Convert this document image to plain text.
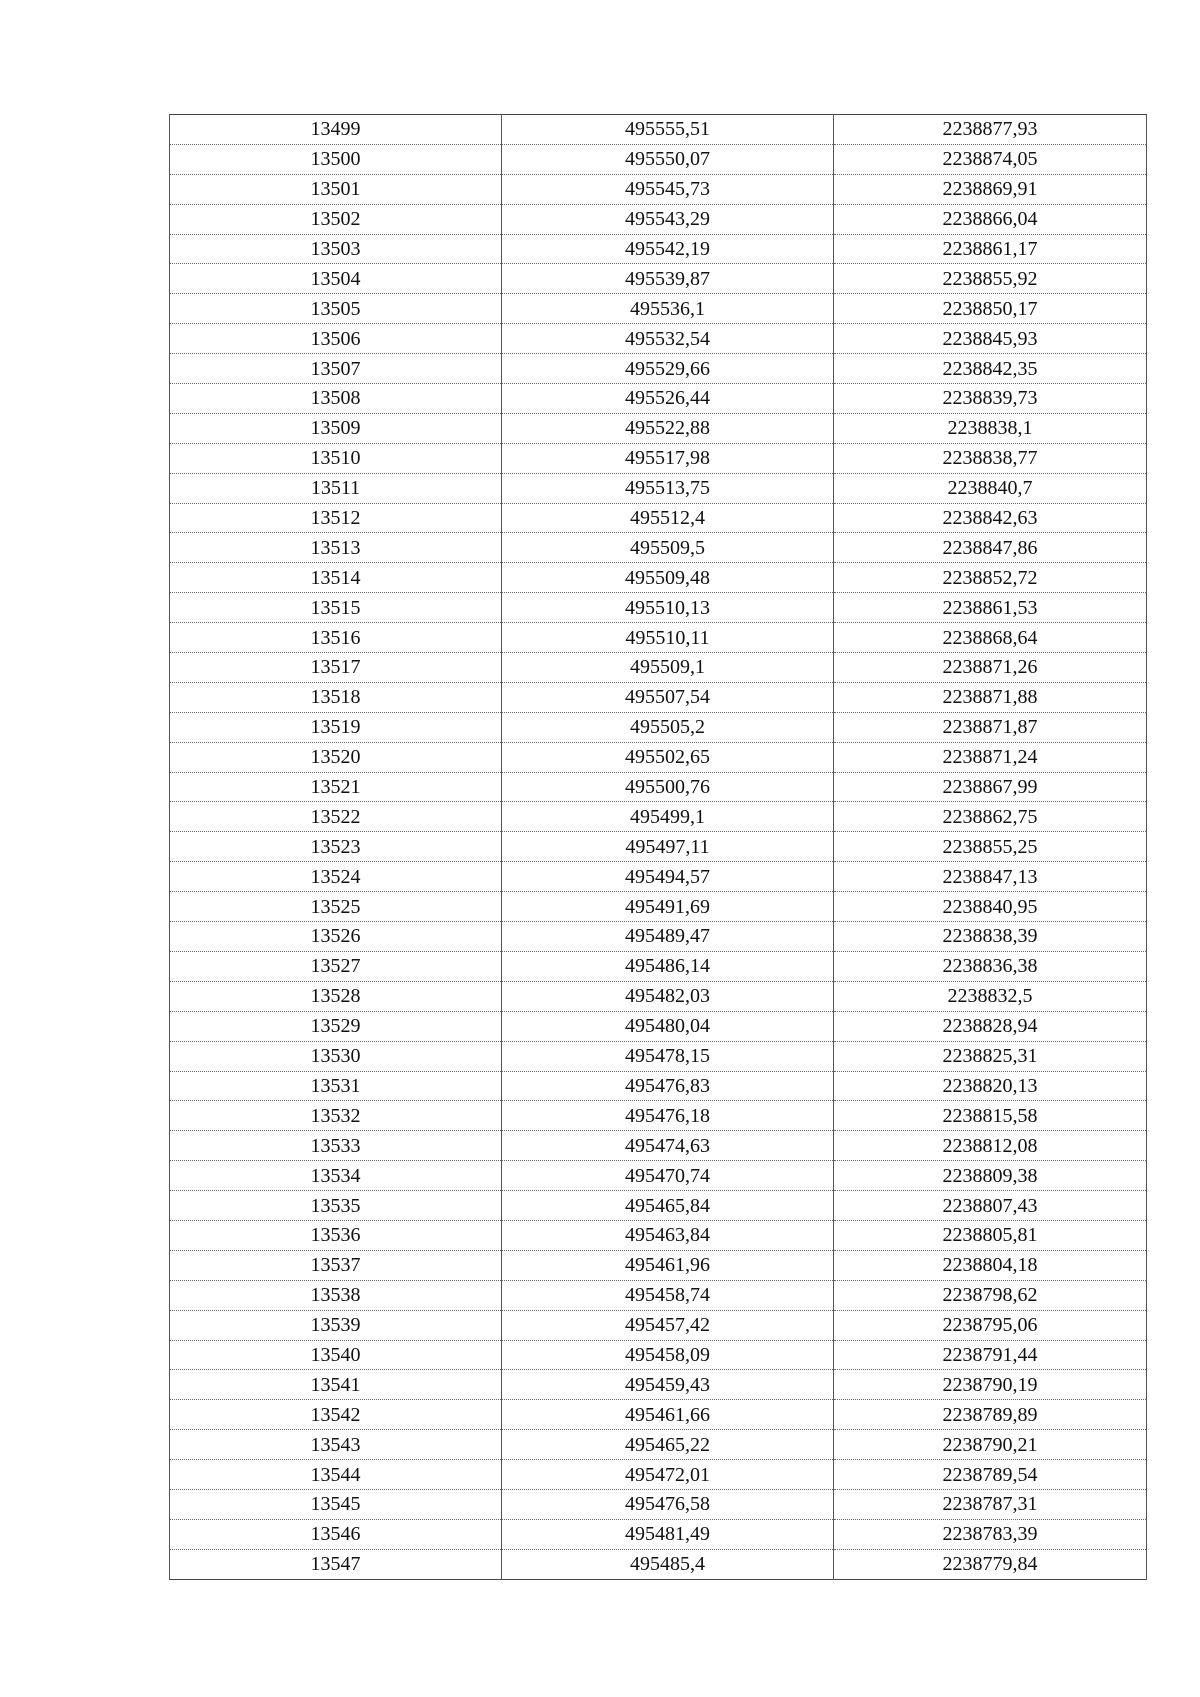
13499	495555,51	2238877,93
13500	495550,07	2238874,05
13501	495545,73	2238869,91
13502	495543,29	2238866,04
13503	495542,19	2238861,17
13504	495539,87	2238855,92
13505	495536,1	2238850,17
13506	495532,54	2238845,93
13507	495529,66	2238842,35
13508	495526,44	2238839,73
13509	495522,88	2238838,1
13510	495517,98	2238838,77
13511	495513,75	2238840,7
13512	495512,4	2238842,63
13513	495509,5	2238847,86
13514	495509,48	2238852,72
13515	495510,13	2238861,53
13516	495510,11	2238868,64
13517	495509,1	2238871,26
13518	495507,54	2238871,88
13519	495505,2	2238871,87
13520	495502,65	2238871,24
13521	495500,76	2238867,99
13522	495499,1	2238862,75
13523	495497,11	2238855,25
13524	495494,57	2238847,13
13525	495491,69	2238840,95
13526	495489,47	2238838,39
13527	495486,14	2238836,38
13528	495482,03	2238832,5
13529	495480,04	2238828,94
13530	495478,15	2238825,31
13531	495476,83	2238820,13
13532	495476,18	2238815,58
13533	495474,63	2238812,08
13534	495470,74	2238809,38
13535	495465,84	2238807,43
13536	495463,84	2238805,81
13537	495461,96	2238804,18
13538	495458,74	2238798,62
13539	495457,42	2238795,06
13540	495458,09	2238791,44
13541	495459,43	2238790,19
13542	495461,66	2238789,89
13543	495465,22	2238790,21
13544	495472,01	2238789,54
13545	495476,58	2238787,31
13546	495481,49	2238783,39
13547	495485,4	2238779,84
